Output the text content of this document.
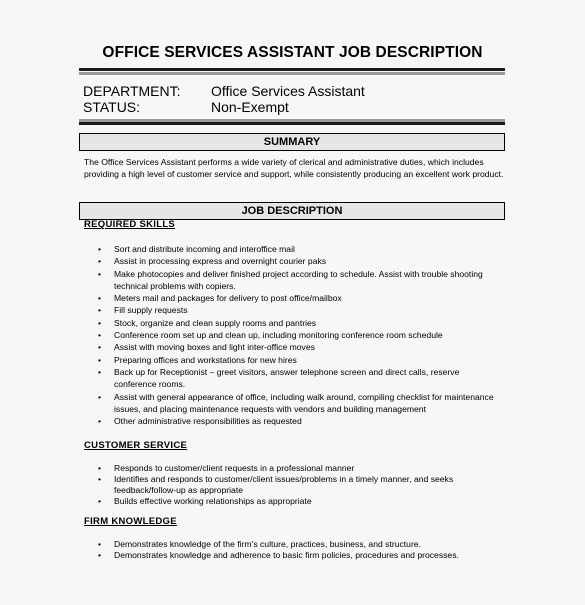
OFFICE SERVICES ASSISTANT JOB DESCRIPTION
DEPARTMENT: Office Services Assistant
STATUS:	Non-Exempt
SUMMARY
The Office Services Assistant performs a wide variety of clerical and administrative duties, which includes providing a high level of customer service and support, while consistently producing an excellent work product.
JOB DESCRIPTION
REQUIRED SKILLS
• Sort and distribute incoming and interoffice mail
• Assist in processing express and overnight courier paks
• Make photocopies and deliver finished project according to schedule. Assist with trouble shooting technical problems with copiers.
• Meters mail and packages for delivery to post office/mailbox
• Fill supply requests
• Stock, organize and clean supply rooms and pantries
• Conference room set up and clean up, including monitoring conference room schedule
• Assist with moving boxes and light inter-office moves
• Preparing offices and workstations for new hires
• Back up for Receptionist – greet visitors, answer telephone screen and direct calls, reserve conference rooms.
• Assist with general appearance of office, including walk around, compiling checklist for maintenance issues, and placing maintenance requests with vendors and building management
• Other administrative responsibilities as requested
CUSTOMER SERVICE
• Responds to customer/client requests in a professional manner
• Identifies and responds to customer/client issues/problems in a timely manner, and seeks feedback/follow-up as appropriate
• Builds effective working relationships as appropriate
FIRM KNOWLEDGE
• Demonstrates knowledge of the firm’s culture, practices, business, and structure.
• Demonstrates knowledge and adherence to basic firm policies, procedures and processes.
